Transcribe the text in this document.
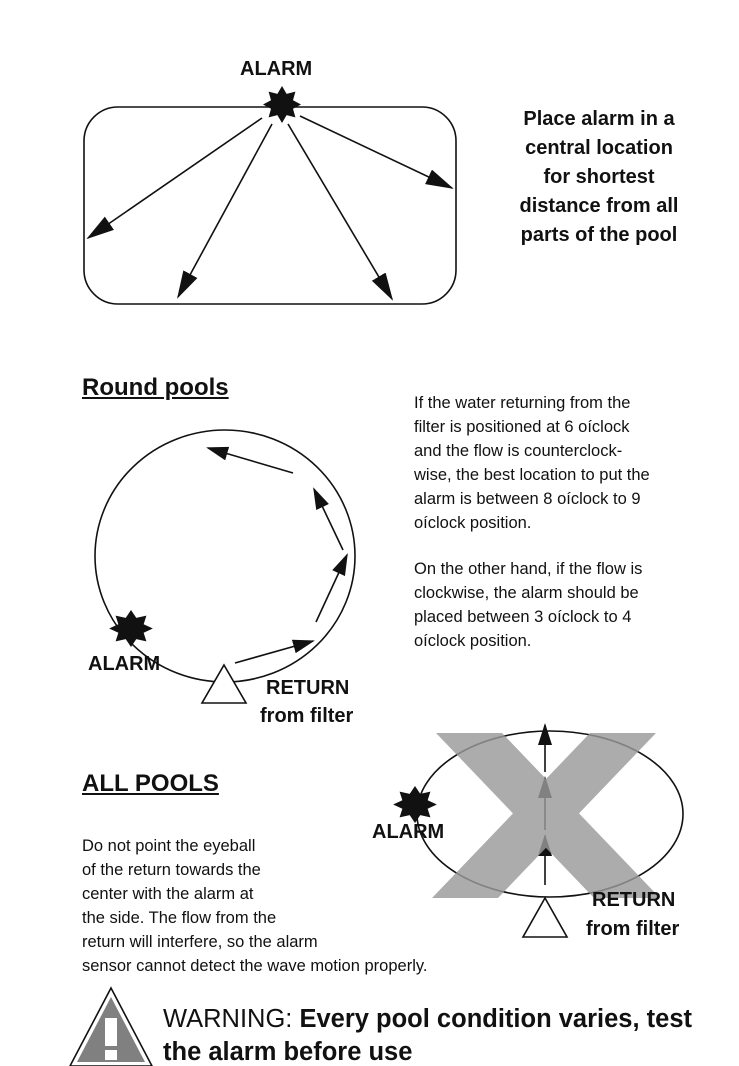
ALARM
Place alarm in a
central location
for shortest
distance from all
parts of the pool
Round pools
If the water returning from the
filter is positioned at 6 oíclock
and the flow is counterclock-
wise, the best location to put the
alarm is between 8 oíclock to 9
oíclock position.
On the other hand, if the flow is
clockwise, the alarm should be
placed between 3 oíclock to 4
oíclock position.
ALARM
RETURN
from filter
ALL POOLS
Do not point the eyeball
of the return towards the
center with the alarm at
the side. The flow from the
return will interfere, so the alarm
sensor cannot detect the wave motion properly.
ALARM
RETURN
from filter
WARNING: Every pool condition varies, test
the alarm before use
